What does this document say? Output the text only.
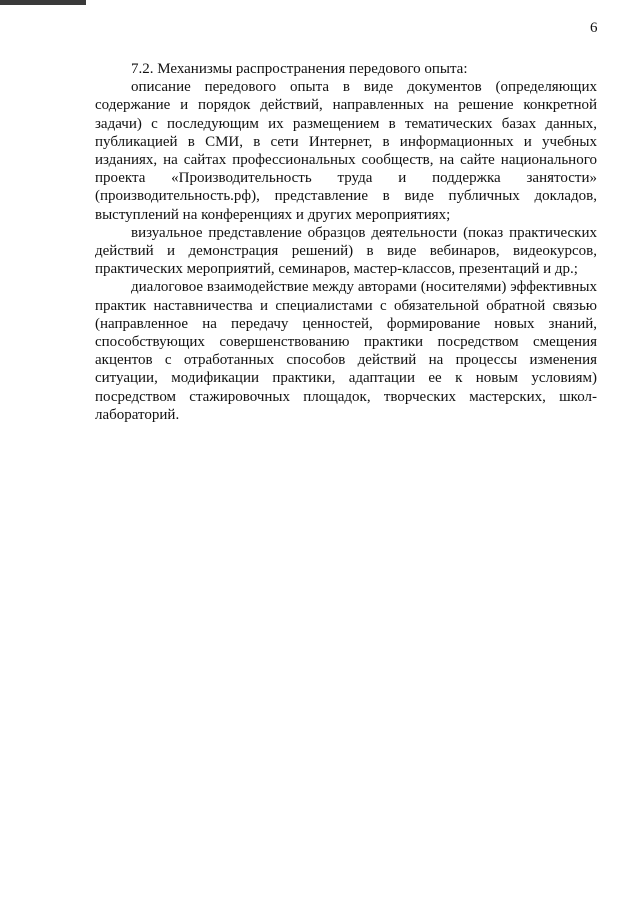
6

7.2. Механизмы распространения передового опыта:

описание передового опыта в виде документов (определяющих содержание и порядок действий, направленных на решение конкретной задачи) с последующим их размещением в тематических базах данных, публикацией в СМИ, в сети Интернет, в информационных и учебных изданиях, на сайтах профессиональных сообществ, на сайте национального проекта «Производительность труда и поддержка занятости» (производительность.рф), представление в виде публичных докладов, выступлений на конференциях и других мероприятиях;

визуальное представление образцов деятельности (показ практических действий и демонстрация решений) в виде вебинаров, видеокурсов, практических мероприятий, семинаров, мастер-классов, презентаций и др.;

диалоговое взаимодействие между авторами (носителями) эффективных практик наставничества и специалистами с обязательной обратной связью (направленное на передачу ценностей, формирование новых знаний, способствующих совершенствованию практики посредством смещения акцентов с отработанных способов действий на процессы изменения ситуации, модификации практики, адаптации ее к новым условиям) посредством стажировочных площадок, творческих мастерских, школ-лабораторий.
